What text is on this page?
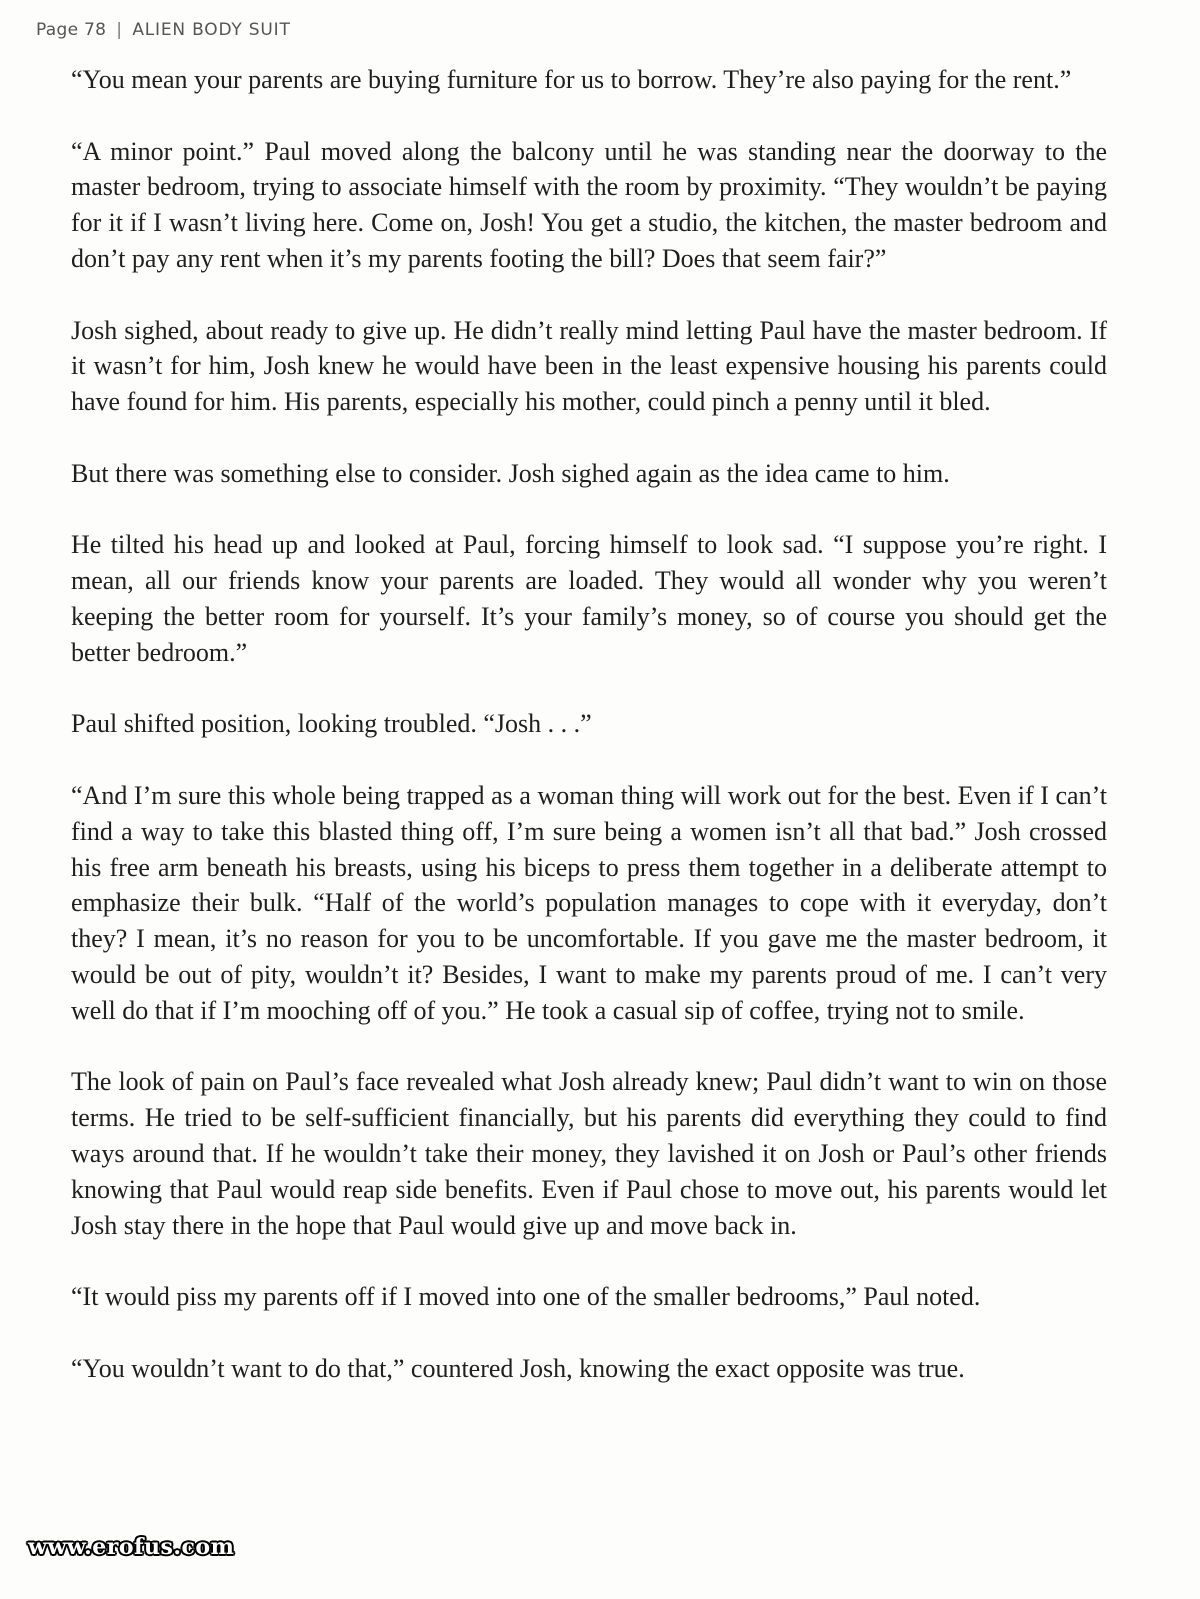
Page 78 | ALIEN BODY SUIT

“You mean your parents are buying furniture for us to borrow. They’re also paying for the rent.”

“A minor point.” Paul moved along the balcony until he was standing near the doorway to the master bedroom, trying to associate himself with the room by proximity. “They wouldn’t be paying for it if I wasn’t living here. Come on, Josh! You get a studio, the kitchen, the master bedroom and don’t pay any rent when it’s my parents footing the bill? Does that seem fair?”

Josh sighed, about ready to give up. He didn’t really mind letting Paul have the master bedroom. If it wasn’t for him, Josh knew he would have been in the least expensive housing his parents could have found for him. His parents, especially his mother, could pinch a penny until it bled.

But there was something else to consider. Josh sighed again as the idea came to him.

He tilted his head up and looked at Paul, forcing himself to look sad. “I suppose you’re right. I mean, all our friends know your parents are loaded. They would all wonder why you weren’t keeping the better room for yourself. It’s your family’s money, so of course you should get the better bedroom.”

Paul shifted position, looking troubled. “Josh . . .”

“And I’m sure this whole being trapped as a woman thing will work out for the best. Even if I can’t find a way to take this blasted thing off, I’m sure being a women isn’t all that bad.” Josh crossed his free arm beneath his breasts, using his biceps to press them together in a deliberate attempt to emphasize their bulk. “Half of the world’s population manages to cope with it everyday, don’t they? I mean, it’s no reason for you to be uncomfortable. If you gave me the master bedroom, it would be out of pity, wouldn’t it? Besides, I want to make my parents proud of me. I can’t very well do that if I’m mooching off of you.” He took a casual sip of coffee, trying not to smile.

The look of pain on Paul’s face revealed what Josh already knew; Paul didn’t want to win on those terms. He tried to be self-sufficient financially, but his parents did everything they could to find ways around that. If he wouldn’t take their money, they lavished it on Josh or Paul’s other friends knowing that Paul would reap side benefits. Even if Paul chose to move out, his parents would let Josh stay there in the hope that Paul would give up and move back in.

“It would piss my parents off if I moved into one of the smaller bedrooms,” Paul noted.

“You wouldn’t want to do that,” countered Josh, knowing the exact opposite was true.

www.erofus.com
